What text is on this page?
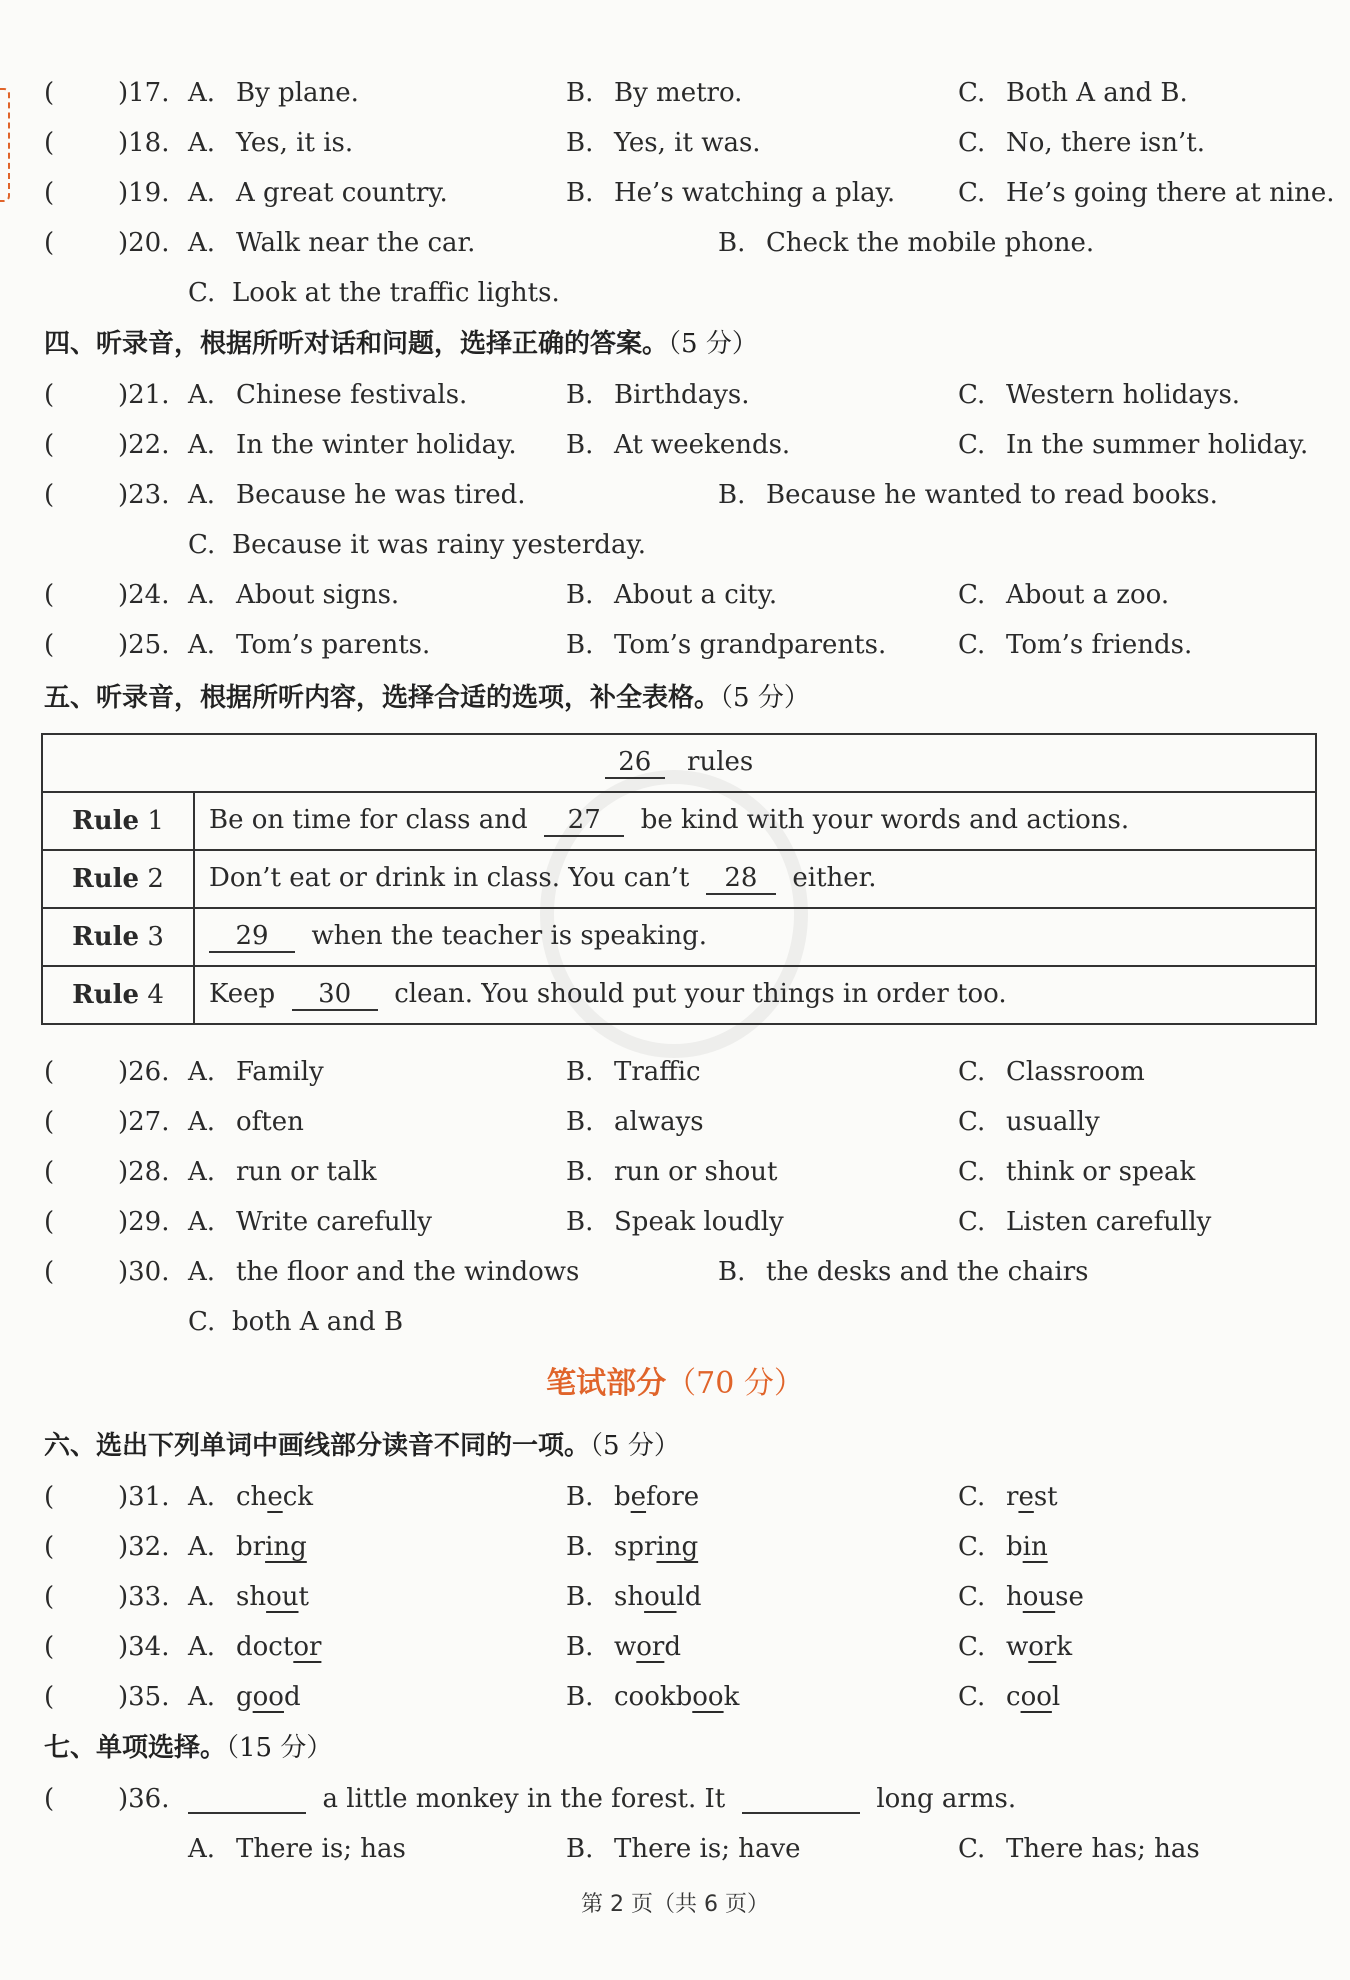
( )17. A. By plane.	B. By metro.	C. Both A and B.
( )18. A. Yes, it is.	B. Yes, it was.	C. No, there isn’t.
( )19. A. A great country.	B. He’s watching a play. C. He’s going there at nine.
( )20. A. Walk near the car.	B. Check the mobile phone.
C. Look at the traffic lights.
四、听录音，根据所听对话和问题，选择正确的答案。（5 分）
( )21. A. Chinese festivals.	B. Birthdays.	C. Western holidays.
( )22. A. In the winter holiday. B. At weekends.	C. In the summer holiday.
( )23. A. Because he was tired.	B. Because he wanted to read books.
C. Because it was rainy yesterday.
( )24. A. About signs.	B. About a city.	C. About a zoo.
( )25. A. Tom’s parents.	B. Tom’s grandparents.	C. Tom’s friends.
五、听录音，根据所听内容，选择合适的选项，补全表格。（5 分）
26 rules	
Rule 1	Be on time for class and 27 be kind with your words and actions.
Rule 2	Don’t eat or drink in class. You can’t 28 either.
Rule 3	29 when the teacher is speaking.
Rule 4	Keep 30 clean. You should put your things in order too.
( )26. A. Family	B. Traffic	C. Classroom
( )27. A. often	B. always	C. usually
( )28. A. run or talk	B. run or shout	C. think or speak
( )29. A. Write carefully	B. Speak loudly	C. Listen carefully
( )30. A. the floor and the windows	B. the desks and the chairs
C. both A and B
笔试部分（70 分）
六、选出下列单词中画线部分读音不同的一项。（5 分）
( )31. A. check	B. before	C. rest
( )32. A. bring	B. spring	C. bin
( )33. A. shout	B. should	C. house
( )34. A. doctor	B. word	C. work
( )35. A. good	B. cookbook	C. cool
七、单项选择。（15 分）
( )36.	a little monkey in the forest. It	long arms.
A. There is; has	B. There is; have	C. There has; has
第 2 页（共 6 页）
